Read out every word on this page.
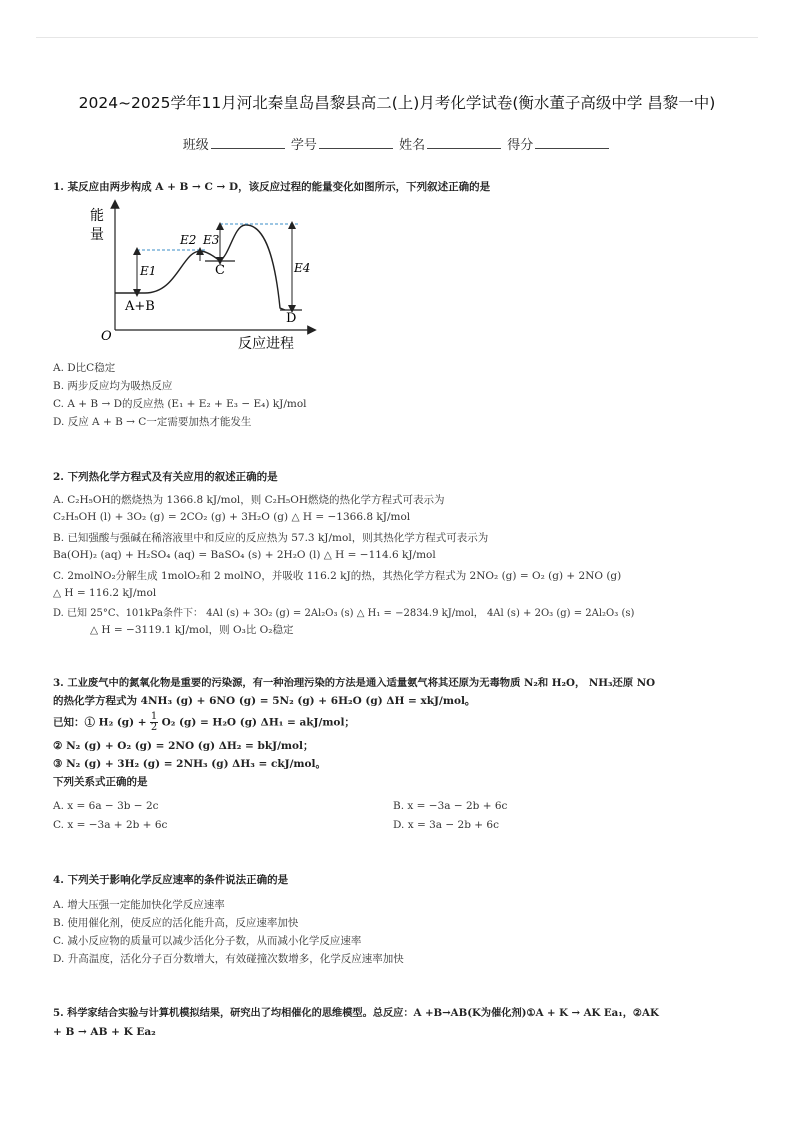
2024~2025学年11月河北秦皇岛昌黎县高二(上)月考化学试卷(衡水董子高级中学 昌黎一中)
班级	学号	姓名	得分
1. 某反应由两步构成 A + B → C → D，该反应过程的能量变化如图所示，下列叙述正确的是
能
量
O	反应进程
E1
E2 E3
E4
A+B
C
D
A. D比C稳定
B. 两步反应均为吸热反应
C. A + B → D的反应热 (E₁ + E₂ + E₃ − E₄) kJ/mol
D. 反应 A + B → C一定需要加热才能发生
2. 下列热化学方程式及有关应用的叙述正确的是
A. C₂H₅OH的燃烧热为 1366.8 kJ/mol，则 C₂H₅OH燃烧的热化学方程式可表示为
C₂H₅OH (l) + 3O₂ (g) = 2CO₂ (g) + 3H₂O (g) △ H = −1366.8 kJ/mol
B. 已知强酸与强碱在稀溶液里中和反应的反应热为 57.3 kJ/mol，则其热化学方程式可表示为
Ba(OH)₂ (aq) + H₂SO₄ (aq) = BaSO₄ (s) + 2H₂O (l) △ H = −114.6 kJ/mol
C. 2molNO₂分解生成 1molO₂和 2 molNO，并吸收 116.2 kJ的热，其热化学方程式为 2NO₂ (g) = O₂ (g) + 2NO (g)
△ H = 116.2 kJ/mol
D. 已知 25°C、101kPa条件下： 4Al (s) + 3O₂ (g) = 2Al₂O₃ (s) △ H₁ = −2834.9 kJ/mol， 4Al (s) + 2O₃ (g) = 2Al₂O₃ (s)
△ H = −3119.1 kJ/mol，则 O₃比 O₂稳定
3. 工业废气中的氮氧化物是重要的污染源，有一种治理污染的方法是通入适量氨气将其还原为无毒物质 N₂和 H₂O， NH₃还原 NO
的热化学方程式为 4NH₃ (g) + 6NO (g) = 5N₂ (g) + 6H₂O (g) ΔH = xkJ/mol。
已知：① H₂ $(g) + \frac{1}{2} O_2$ (g) = H₂O (g) ΔH₁ = akJ/mol；
② N₂ (g) + O₂ (g) = 2NO (g) ΔH₂ = bkJ/mol；
③ N₂ (g) + 3H₂ (g) = 2NH₃ (g) ΔH₃ = ckJ/mol。
下列关系式正确的是
A. x = 6a − 3b − 2c	B. x = −3a − 2b + 6c
C. x = −3a + 2b + 6c	D. x = 3a − 2b + 6c
4. 下列关于影响化学反应速率的条件说法正确的是
A. 增大压强一定能加快化学反应速率
B. 使用催化剂，使反应的活化能升高，反应速率加快
C. 减小反应物的质量可以减少活化分子数，从而减小化学反应速率
D. 升高温度，活化分子百分数增大，有效碰撞次数增多，化学反应速率加快
5. 科学家结合实验与计算机模拟结果，研究出了均相催化的思维模型。总反应：A +B→AB(K为催化剂)①A + K → AK Ea₁，②AK
+ B → AB + K Ea₂
